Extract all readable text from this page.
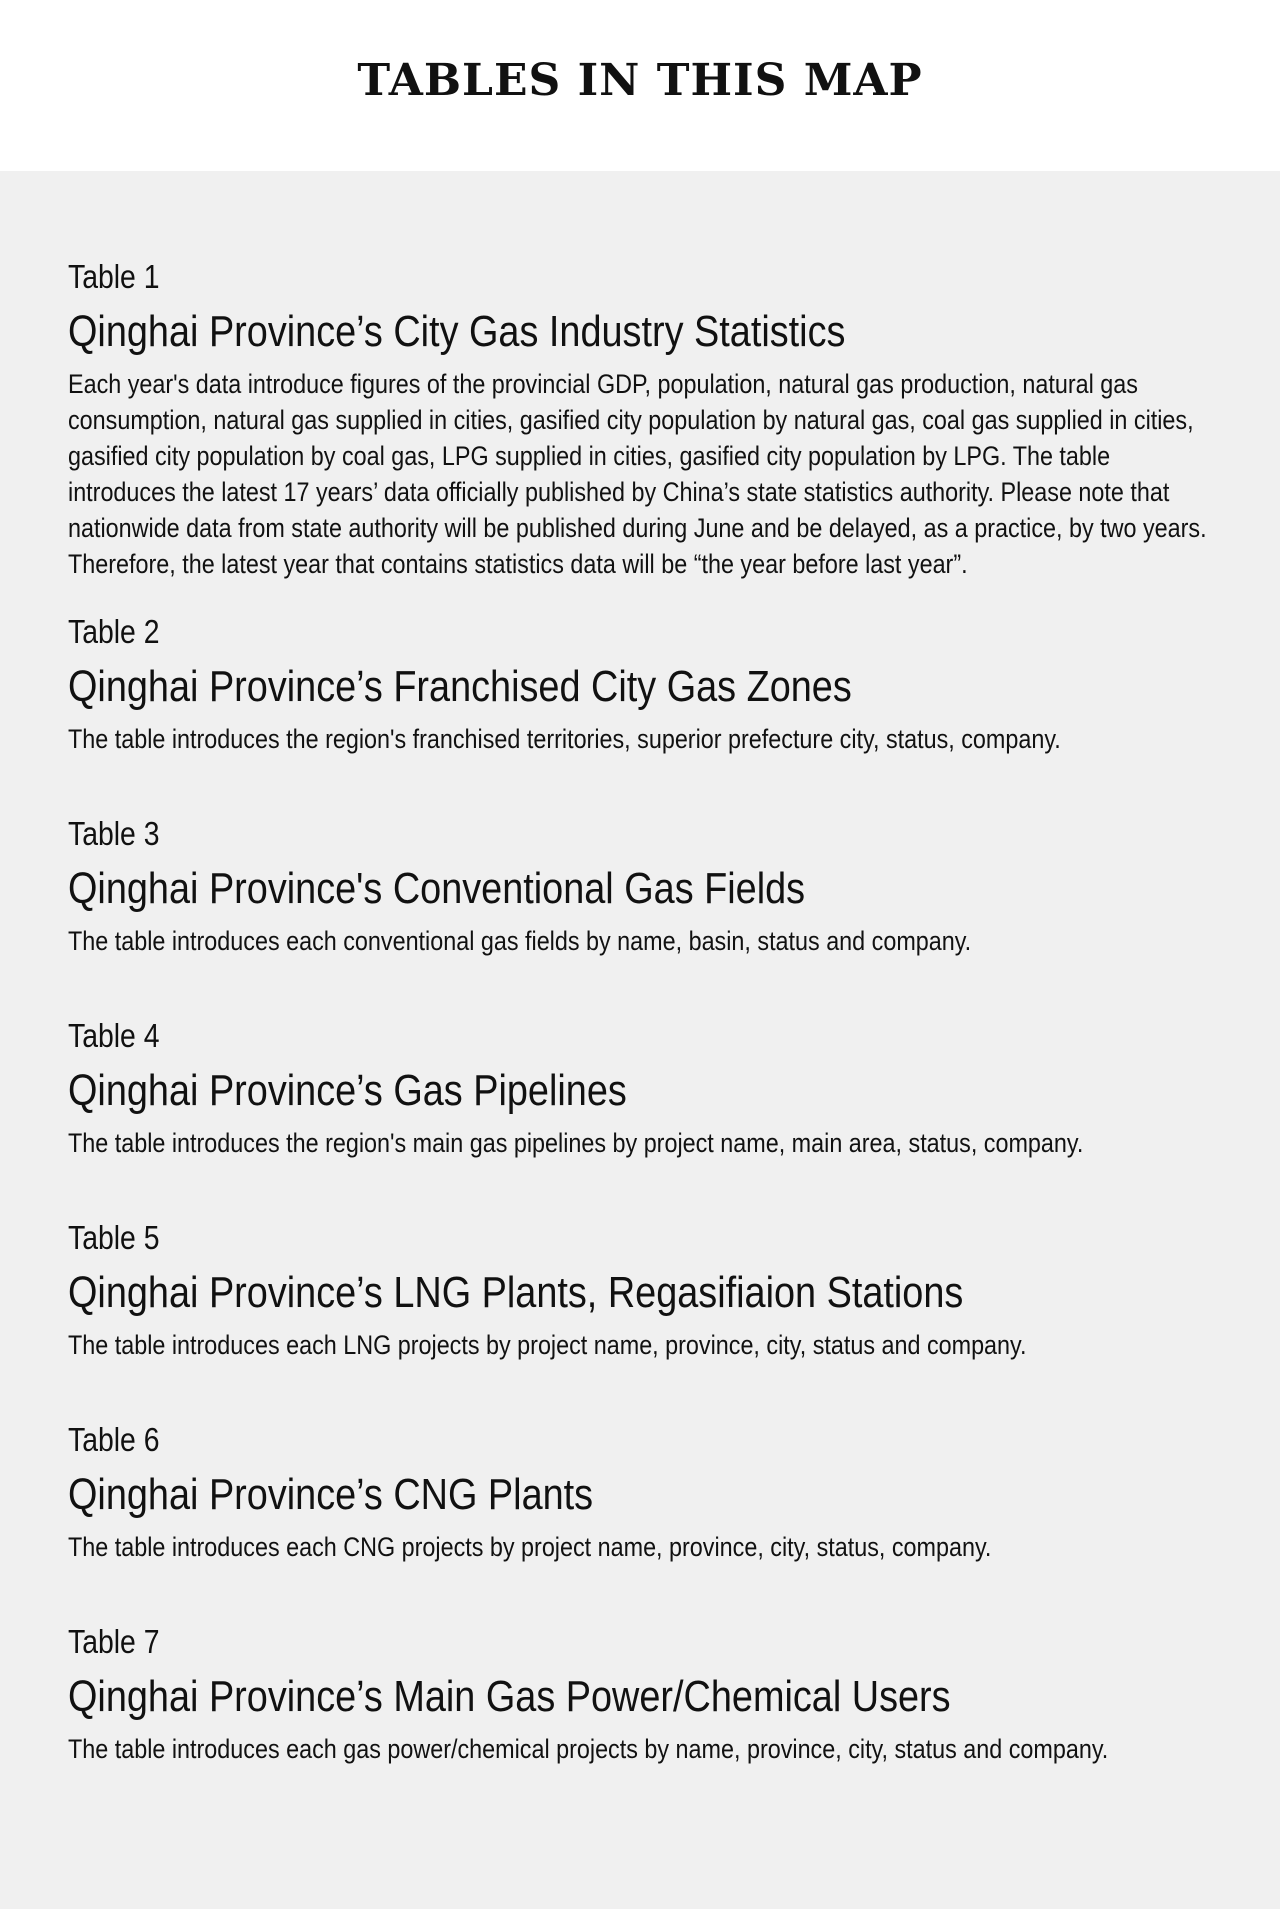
TABLES IN THIS MAP
Table 1
Qinghai Province’s City Gas Industry Statistics

Each year's data introduce figures of the provincial GDP, population, natural gas production, natural gas consumption, natural gas supplied in cities, gasified city population by natural gas, coal gas supplied in cities, gasified city population by coal gas, LPG supplied in cities, gasified city population by LPG. The table introduces the latest 17 years’ data officially published by China’s state statistics authority. Please note that nationwide data from state authority will be published during June and be delayed, as a practice, by two years. Therefore, the latest year that contains statistics data will be “the year before last year”.

Table 2
Qinghai Province’s Franchised City Gas Zones

The table introduces the region's franchised territories, superior prefecture city, status, company.

Table 3
Qinghai Province's Conventional Gas Fields

The table introduces each conventional gas fields by name, basin, status and company.

Table 4
Qinghai Province’s Gas Pipelines

The table introduces the region's main gas pipelines by project name, main area, status, company.

Table 5
Qinghai Province’s LNG Plants, Regasifiaion Stations

The table introduces each LNG projects by project name, province, city, status and company.

Table 6
Qinghai Province’s CNG Plants

The table introduces each CNG projects by project name, province, city, status, company.

Table 7
Qinghai Province’s Main Gas Power/Chemical Users

The table introduces each gas power/chemical projects by name, province, city, status and company.
